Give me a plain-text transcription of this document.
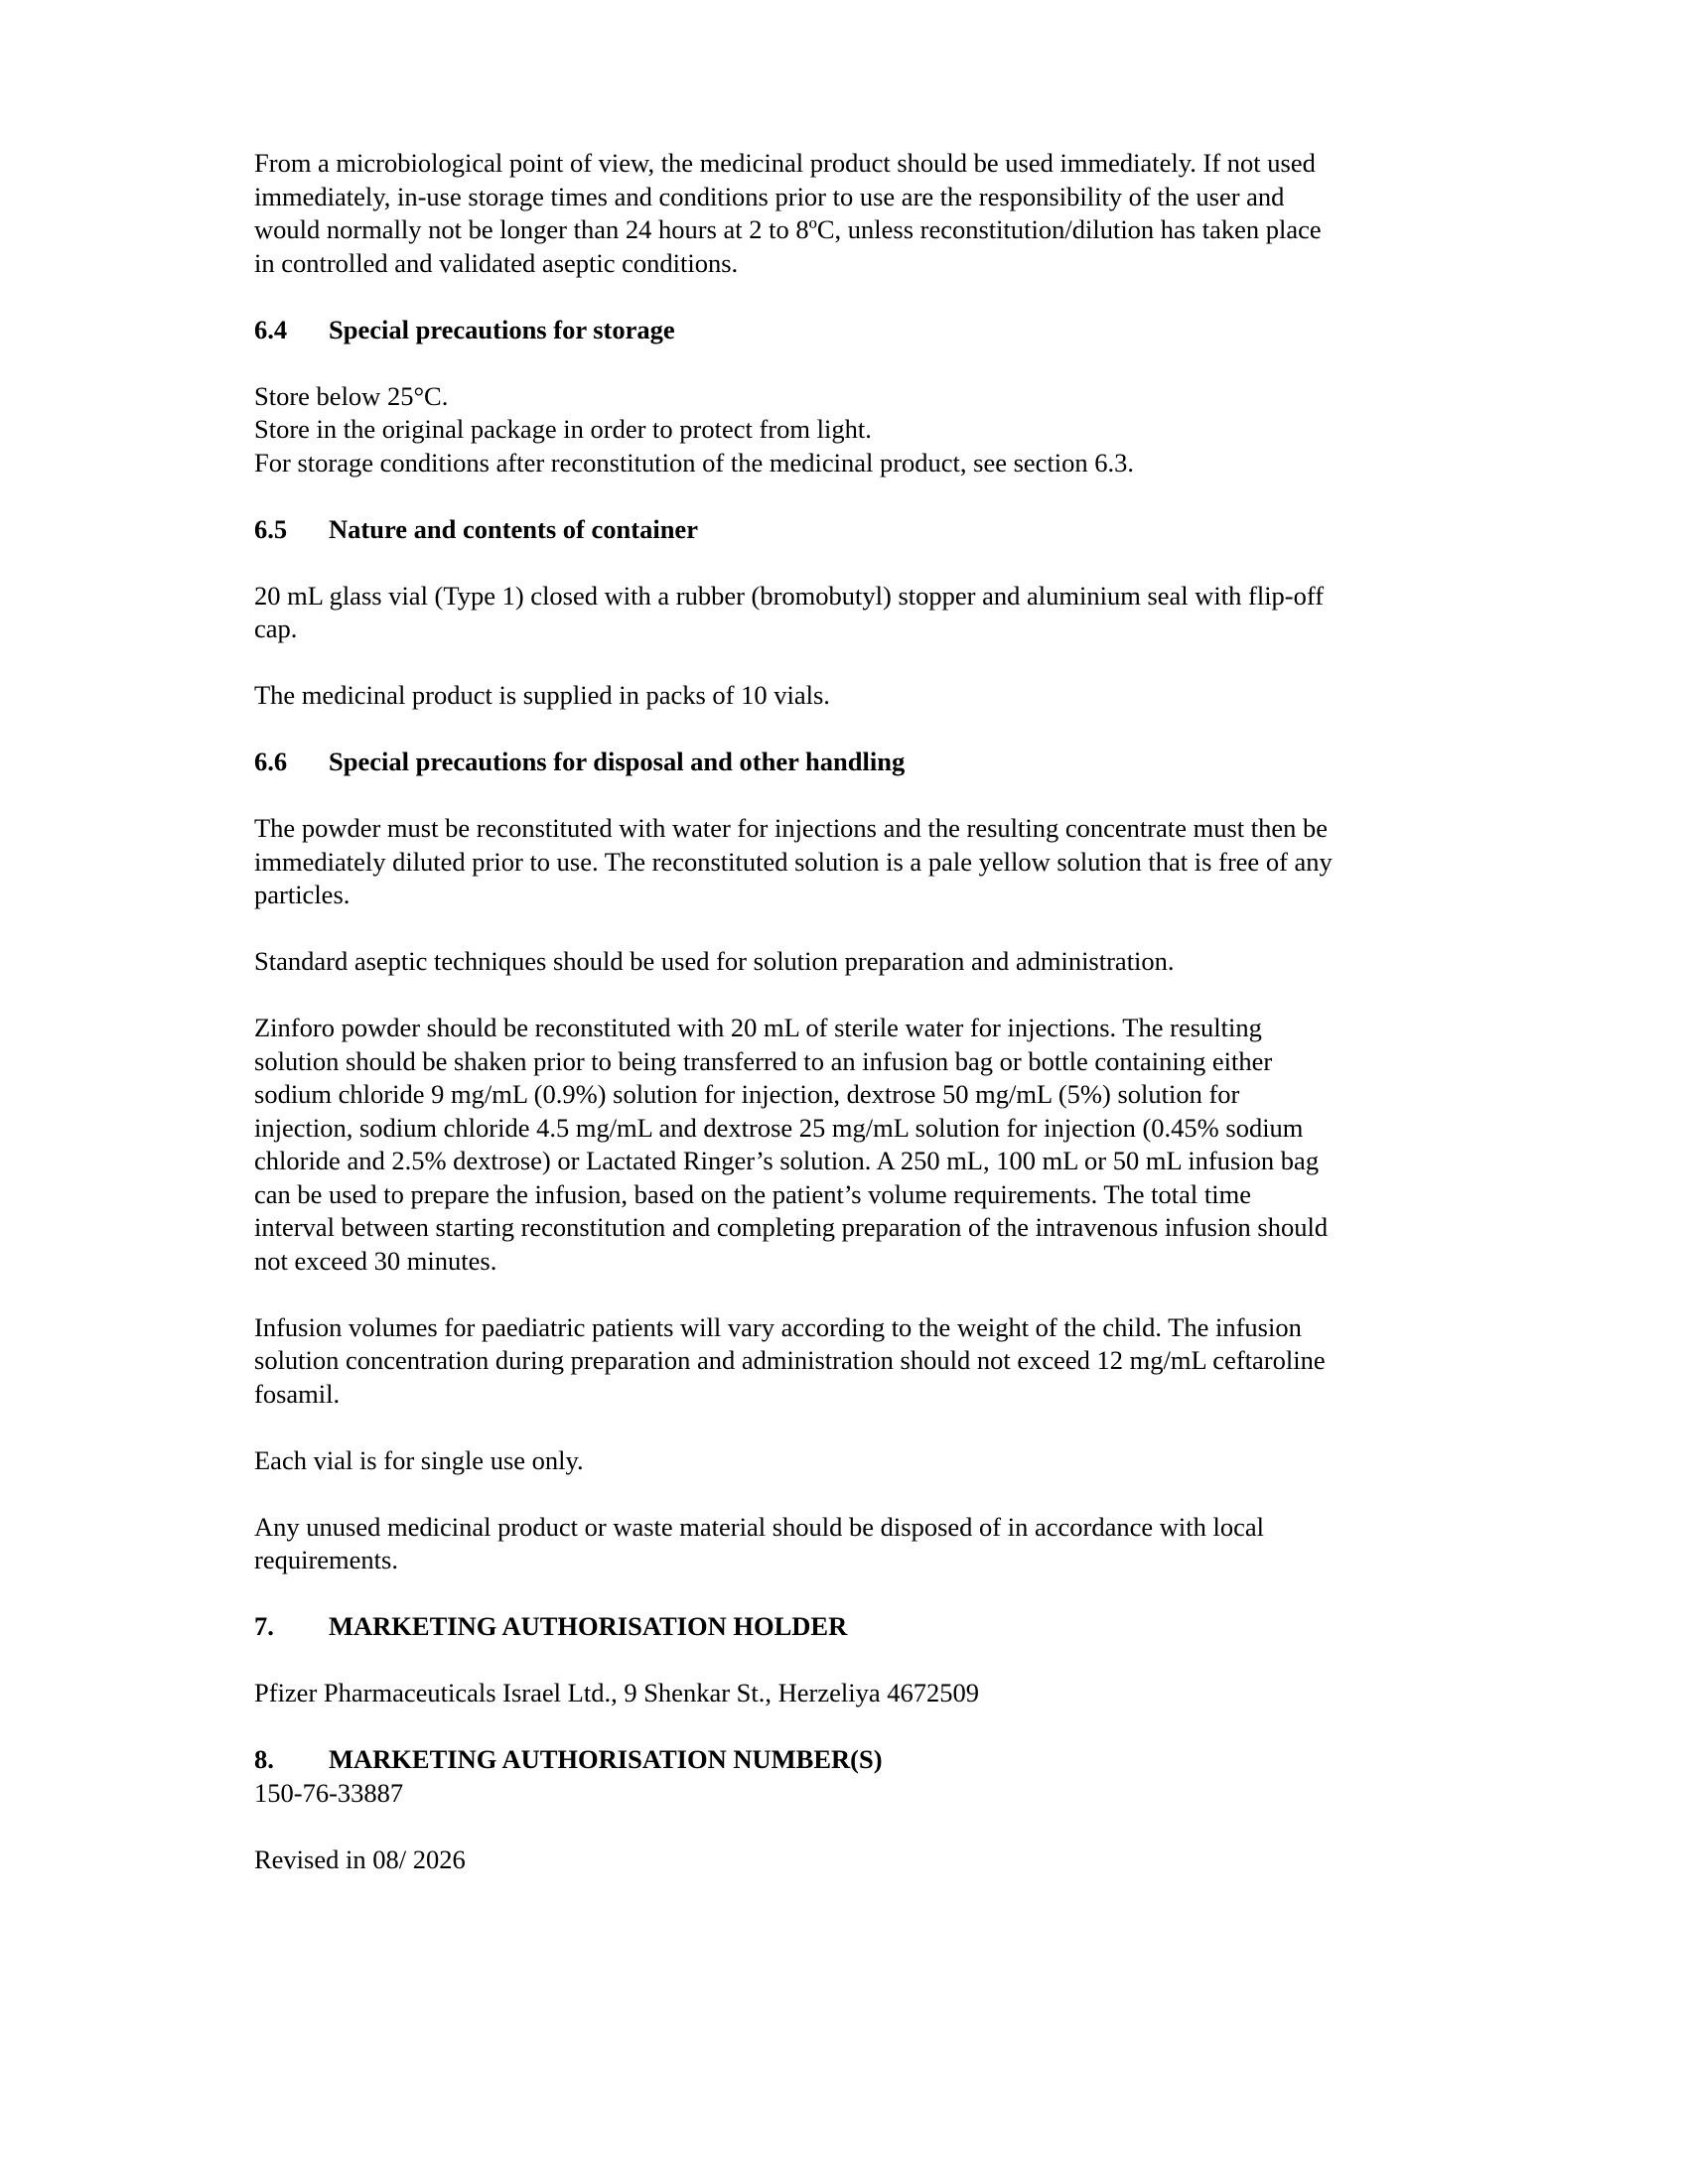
From a microbiological point of view, the medicinal product should be used immediately. If not used
immediately, in-use storage times and conditions prior to use are the responsibility of the user and
would normally not be longer than 24 hours at 2 to 8ºC, unless reconstitution/dilution has taken place
in controlled and validated aseptic conditions.

6.4	Special precautions for storage

Store below 25°C.
Store in the original package in order to protect from light.
For storage conditions after reconstitution of the medicinal product, see section 6.3.

6.5	Nature and contents of container

20 mL glass vial (Type 1) closed with a rubber (bromobutyl) stopper and aluminium seal with flip-off
cap.

The medicinal product is supplied in packs of 10 vials.

6.6	Special precautions for disposal and other handling

The powder must be reconstituted with water for injections and the resulting concentrate must then be
immediately diluted prior to use. The reconstituted solution is a pale yellow solution that is free of any
particles.

Standard aseptic techniques should be used for solution preparation and administration.

Zinforo powder should be reconstituted with 20 mL of sterile water for injections. The resulting
solution should be shaken prior to being transferred to an infusion bag or bottle containing either
sodium chloride 9 mg/mL (0.9%) solution for injection, dextrose 50 mg/mL (5%) solution for
injection, sodium chloride 4.5 mg/mL and dextrose 25 mg/mL solution for injection (0.45% sodium
chloride and 2.5% dextrose) or Lactated Ringer’s solution. A 250 mL, 100 mL or 50 mL infusion bag
can be used to prepare the infusion, based on the patient’s volume requirements. The total time
interval between starting reconstitution and completing preparation of the intravenous infusion should
not exceed 30 minutes.

Infusion volumes for paediatric patients will vary according to the weight of the child. The infusion
solution concentration during preparation and administration should not exceed 12 mg/mL ceftaroline
fosamil.

Each vial is for single use only.

Any unused medicinal product or waste material should be disposed of in accordance with local
requirements.

7.	MARKETING AUTHORISATION HOLDER

Pfizer Pharmaceuticals Israel Ltd., 9 Shenkar St., Herzeliya 4672509

8.	MARKETING AUTHORISATION NUMBER(S)

150-76-33887

Revised in 08/ 2026
